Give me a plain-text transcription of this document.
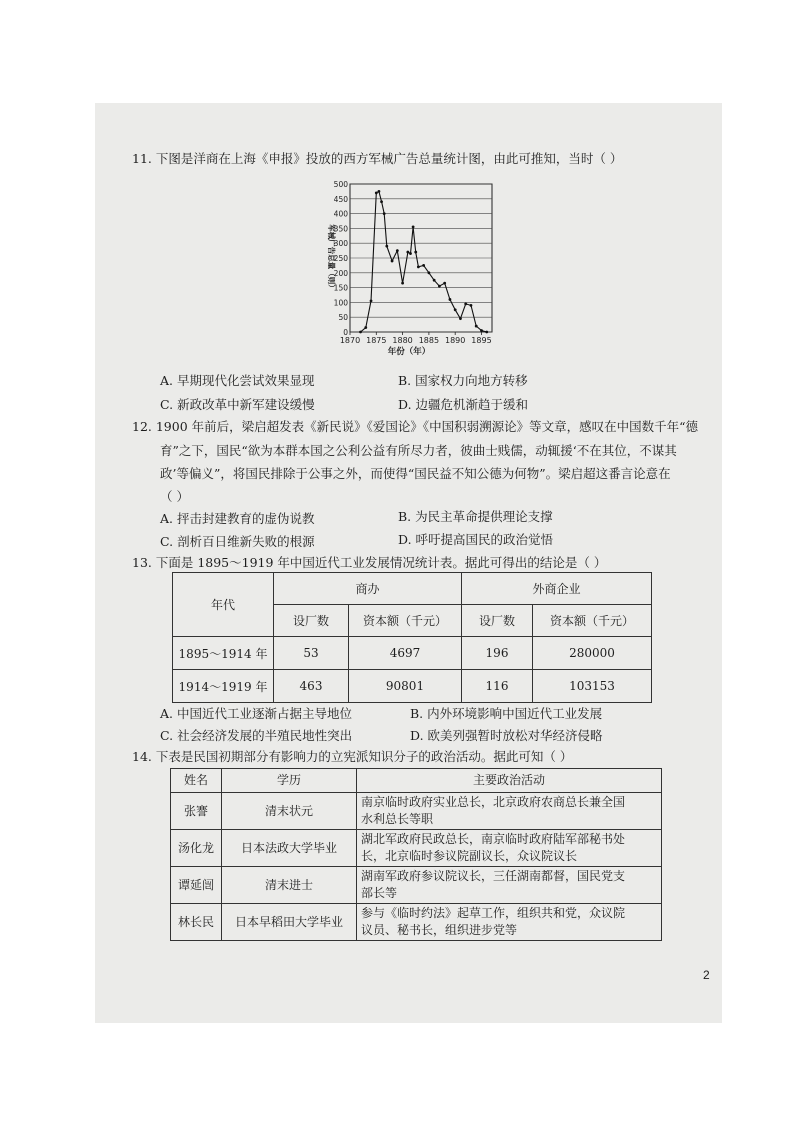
11. 下图是洋商在上海《申报》投放的西方军械广告总量统计图，由此可推知，当时（ ）
0
50
100
150
200
250
300
350
400
450
500
1870 1875 1880 1885 1890 1895
年份（年）
军械广告总量（则）
A. 早期现代化尝试效果显现	B. 国家权力向地方转移
C. 新政改革中新军建设缓慢	D. 边疆危机渐趋于缓和
12. 1900 年前后，梁启超发表《新民说》《爱国论》《中国积弱溯源论》等文章，感叹在中国数千年“德
育”之下，国民“欲为本群本国之公利公益有所尽力者，彼曲士贱儒，动辄援‘不在其位，不谋其
政’等偏义”，将国民排除于公事之外，而使得“国民益不知公德为何物”。梁启超这番言论意在
（ ）
A. 抨击封建教育的虚伪说教	B. 为民主革命提供理论支撑
C. 剖析百日维新失败的根源	D. 呼吁提高国民的政治觉悟
13. 下面是 1895～1919 年中国近代工业发展情况统计表。据此可得出的结论是（ ）
年代	商办		外商企业	
	设厂数	资本额（千元）	设厂数	资本额（千元）
1895～1914 年	53	4697	196	280000
1914～1919 年	463	90801	116	103153
A. 中国近代工业逐渐占据主导地位	B. 内外环境影响中国近代工业发展
C. 社会经济发展的半殖民地性突出	D. 欧美列强暂时放松对华经济侵略
14. 下表是民国初期部分有影响力的立宪派知识分子的政治活动。据此可知（ ）
姓名	学历	主要政治活动
张謇	清末状元	南京临时政府实业总长，北京政府农商总长兼全国
水利总长等职

汤化龙	日本法政大学毕业	湖北军政府民政总长，南京临时政府陆军部秘书处
长，北京临时参议院副议长，众议院议长

谭延闿	清末进士	湖南军政府参议院议长，三任湖南都督，国民党支
部长等

林长民	日本早稻田大学毕业	参与《临时约法》起草工作，组织共和党，众议院
议员、秘书长，组织进步党等
2
